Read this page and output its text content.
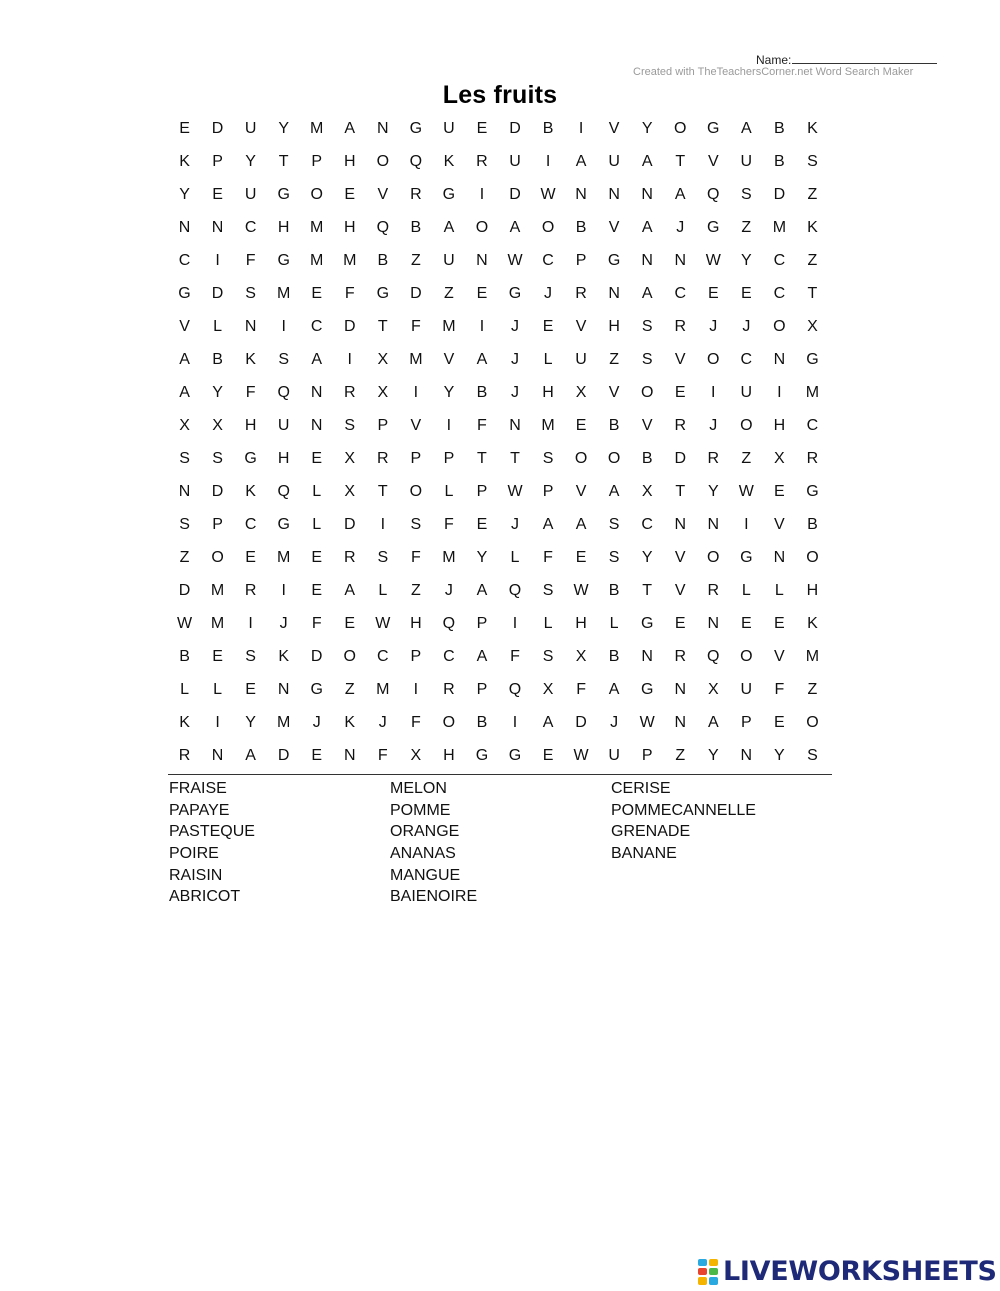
Name:
Created with TheTeachersCorner.net Word Search Maker
Les fruits
E	D	U	Y	M	A	N	G	U	E	D	B	I	V	Y	O	G	A	B	K
K	P	Y	T	P	H	O	Q	K	R	U	I	A	U	A	T	V	U	B	S
Y	E	U	G	O	E	V	R	G	I	D	W	N	N	N	A	Q	S	D	Z
N	N	C	H	M	H	Q	B	A	O	A	O	B	V	A	J	G	Z	M	K
C	I	F	G	M	M	B	Z	U	N	W	C	P	G	N	N	W	Y	C	Z
G	D	S	M	E	F	G	D	Z	E	G	J	R	N	A	C	E	E	C	T
V	L	N	I	C	D	T	F	M	I	J	E	V	H	S	R	J	J	O	X
A	B	K	S	A	I	X	M	V	A	J	L	U	Z	S	V	O	C	N	G
A	Y	F	Q	N	R	X	I	Y	B	J	H	X	V	O	E	I	U	I	M
X	X	H	U	N	S	P	V	I	F	N	M	E	B	V	R	J	O	H	C
S	S	G	H	E	X	R	P	P	T	T	S	O	O	B	D	R	Z	X	R
N	D	K	Q	L	X	T	O	L	P	W	P	V	A	X	T	Y	W	E	G
S	P	C	G	L	D	I	S	F	E	J	A	A	S	C	N	N	I	V	B
Z	O	E	M	E	R	S	F	M	Y	L	F	E	S	Y	V	O	G	N	O
D	M	R	I	E	A	L	Z	J	A	Q	S	W	B	T	V	R	L	L	H
W	M	I	J	F	E	W	H	Q	P	I	L	H	L	G	E	N	E	E	K
B	E	S	K	D	O	C	P	C	A	F	S	X	B	N	R	Q	O	V	M
L	L	E	N	G	Z	M	I	R	P	Q	X	F	A	G	N	X	U	F	Z
K	I	Y	M	J	K	J	F	O	B	I	A	D	J	W	N	A	P	E	O
R	N	A	D	E	N	F	X	H	G	G	E	W	U	P	Z	Y	N	Y	S
FRAISE
PAPAYE
PASTEQUE
POIRE
RAISIN
ABRICOT
MELON
POMME
ORANGE
ANANAS
MANGUE
BAIENOIRE
CERISE
POMMECANNELLE
GRENADE
BANANE
LIVEWORKSHEETS
